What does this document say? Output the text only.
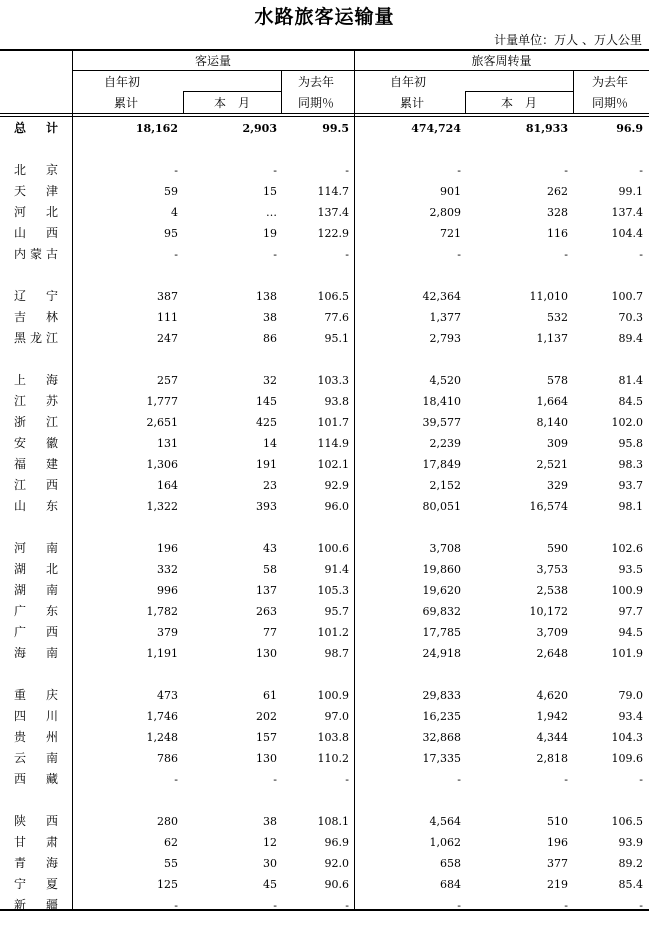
水路旅客运输量
计量单位：万人 、万人公里
客运量	旅客周转量
自年初
累计	本　月
为去年
同期％
自年初
累计	本　月
为去年
同期％
总 计	18,162	2,903	99.5	474,724	81,933	96.9
北 京	-	-	-	-	-	-
天 津	59	15	114.7	901	262	99.1
河 北	4	…	137.4	2,809	328	137.4
山 西	95	19	122.9	721	116	104.4
内 蒙 古	-	-	-	-	-	-
辽 宁	387	138	106.5	42,364	11,010	100.7
吉 林	111	38	77.6	1,377	532	70.3
黑 龙 江	247	86	95.1	2,793	1,137	89.4
上 海	257	32	103.3	4,520	578	81.4
江 苏	1,777	145	93.8	18,410	1,664	84.5
浙 江	2,651	425	101.7	39,577	8,140	102.0
安 徽	131	14	114.9	2,239	309	95.8
福 建	1,306	191	102.1	17,849	2,521	98.3
江 西	164	23	92.9	2,152	329	93.7
山 东	1,322	393	96.0	80,051	16,574	98.1
河 南	196	43	100.6	3,708	590	102.6
湖 北	332	58	91.4	19,860	3,753	93.5
湖 南	996	137	105.3	19,620	2,538	100.9
广 东	1,782	263	95.7	69,832	10,172	97.7
广 西	379	77	101.2	17,785	3,709	94.5
海 南	1,191	130	98.7	24,918	2,648	101.9
重 庆	473	61	100.9	29,833	4,620	79.0
四 川	1,746	202	97.0	16,235	1,942	93.4
贵 州	1,248	157	103.8	32,868	4,344	104.3
云 南	786	130	110.2	17,335	2,818	109.6
西 藏	-	-	-	-	-	-
陕 西	280	38	108.1	4,564	510	106.5
甘 肃	62	12	96.9	1,062	196	93.9
青 海	55	30	92.0	658	377	89.2
宁 夏	125	45	90.6	684	219	85.4
新 疆	-	-	-	-	-	-
